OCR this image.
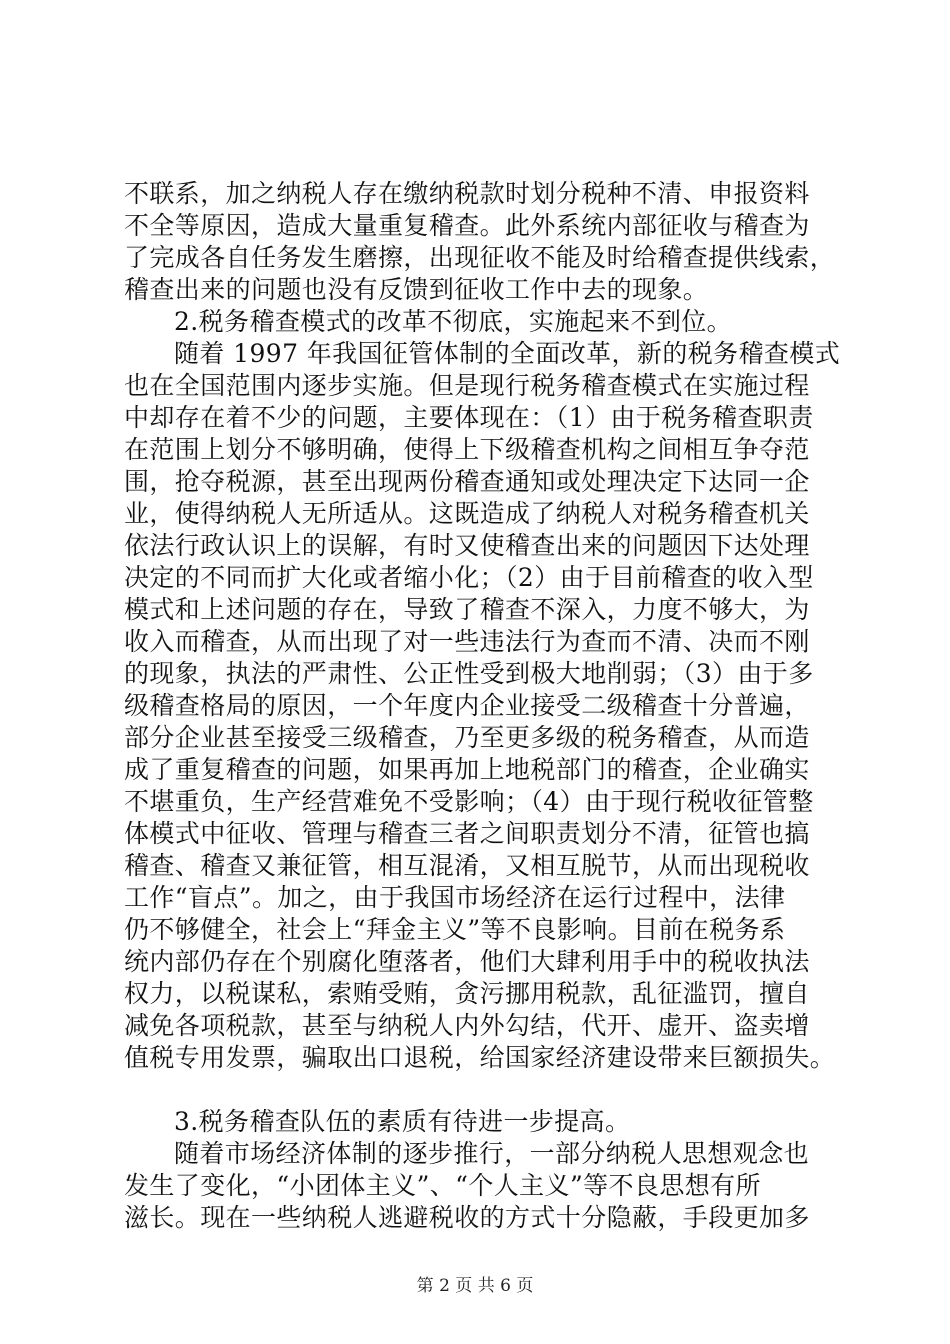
不联系，加之纳税人存在缴纳税款时划分税种不清、申报资料
不全等原因，造成大量重复稽查。此外系统内部征收与稽查为
了完成各自任务发生磨擦，出现征收不能及时给稽查提供线索，
稽查出来的问题也没有反馈到征收工作中去的现象。
2.税务稽查模式的改革不彻底，实施起来不到位。
随着 1997 年我国征管体制的全面改革，新的税务稽查模式
也在全国范围内逐步实施。但是现行税务稽查模式在实施过程
中却存在着不少的问题，主要体现在：（1）由于税务稽查职责
在范围上划分不够明确，使得上下级稽查机构之间相互争夺范
围，抢夺税源，甚至出现两份稽查通知或处理决定下达同一企
业，使得纳税人无所适从。这既造成了纳税人对税务稽查机关
依法行政认识上的误解，有时又使稽查出来的问题因下达处理
决定的不同而扩大化或者缩小化；（2）由于目前稽查的收入型
模式和上述问题的存在，导致了稽查不深入，力度不够大，为
收入而稽查，从而出现了对一些违法行为查而不清、决而不刚
的现象，执法的严肃性、公正性受到极大地削弱；（3）由于多
级稽查格局的原因，一个年度内企业接受二级稽查十分普遍，
部分企业甚至接受三级稽查，乃至更多级的税务稽查，从而造
成了重复稽查的问题，如果再加上地税部门的稽查，企业确实
不堪重负，生产经营难免不受影响；（4）由于现行税收征管整
体模式中征收、管理与稽查三者之间职责划分不清，征管也搞
稽查、稽查又兼征管，相互混淆，又相互脱节，从而出现税收
工作“盲点”。加之，由于我国市场经济在运行过程中，法律
仍不够健全，社会上“拜金主义”等不良影响。目前在税务系
统内部仍存在个别腐化堕落者，他们大肆利用手中的税收执法
权力，以税谋私，索贿受贿，贪污挪用税款，乱征滥罚，擅自
减免各项税款，甚至与纳税人内外勾结，代开、虚开、盗卖增
值税专用发票，骗取出口退税，给国家经济建设带来巨额损失。
3.税务稽查队伍的素质有待进一步提高。
随着市场经济体制的逐步推行，一部分纳税人思想观念也
发生了变化，“小团体主义”、“个人主义”等不良思想有所
滋长。现在一些纳税人逃避税收的方式十分隐蔽，手段更加多
第 2 页 共 6 页
